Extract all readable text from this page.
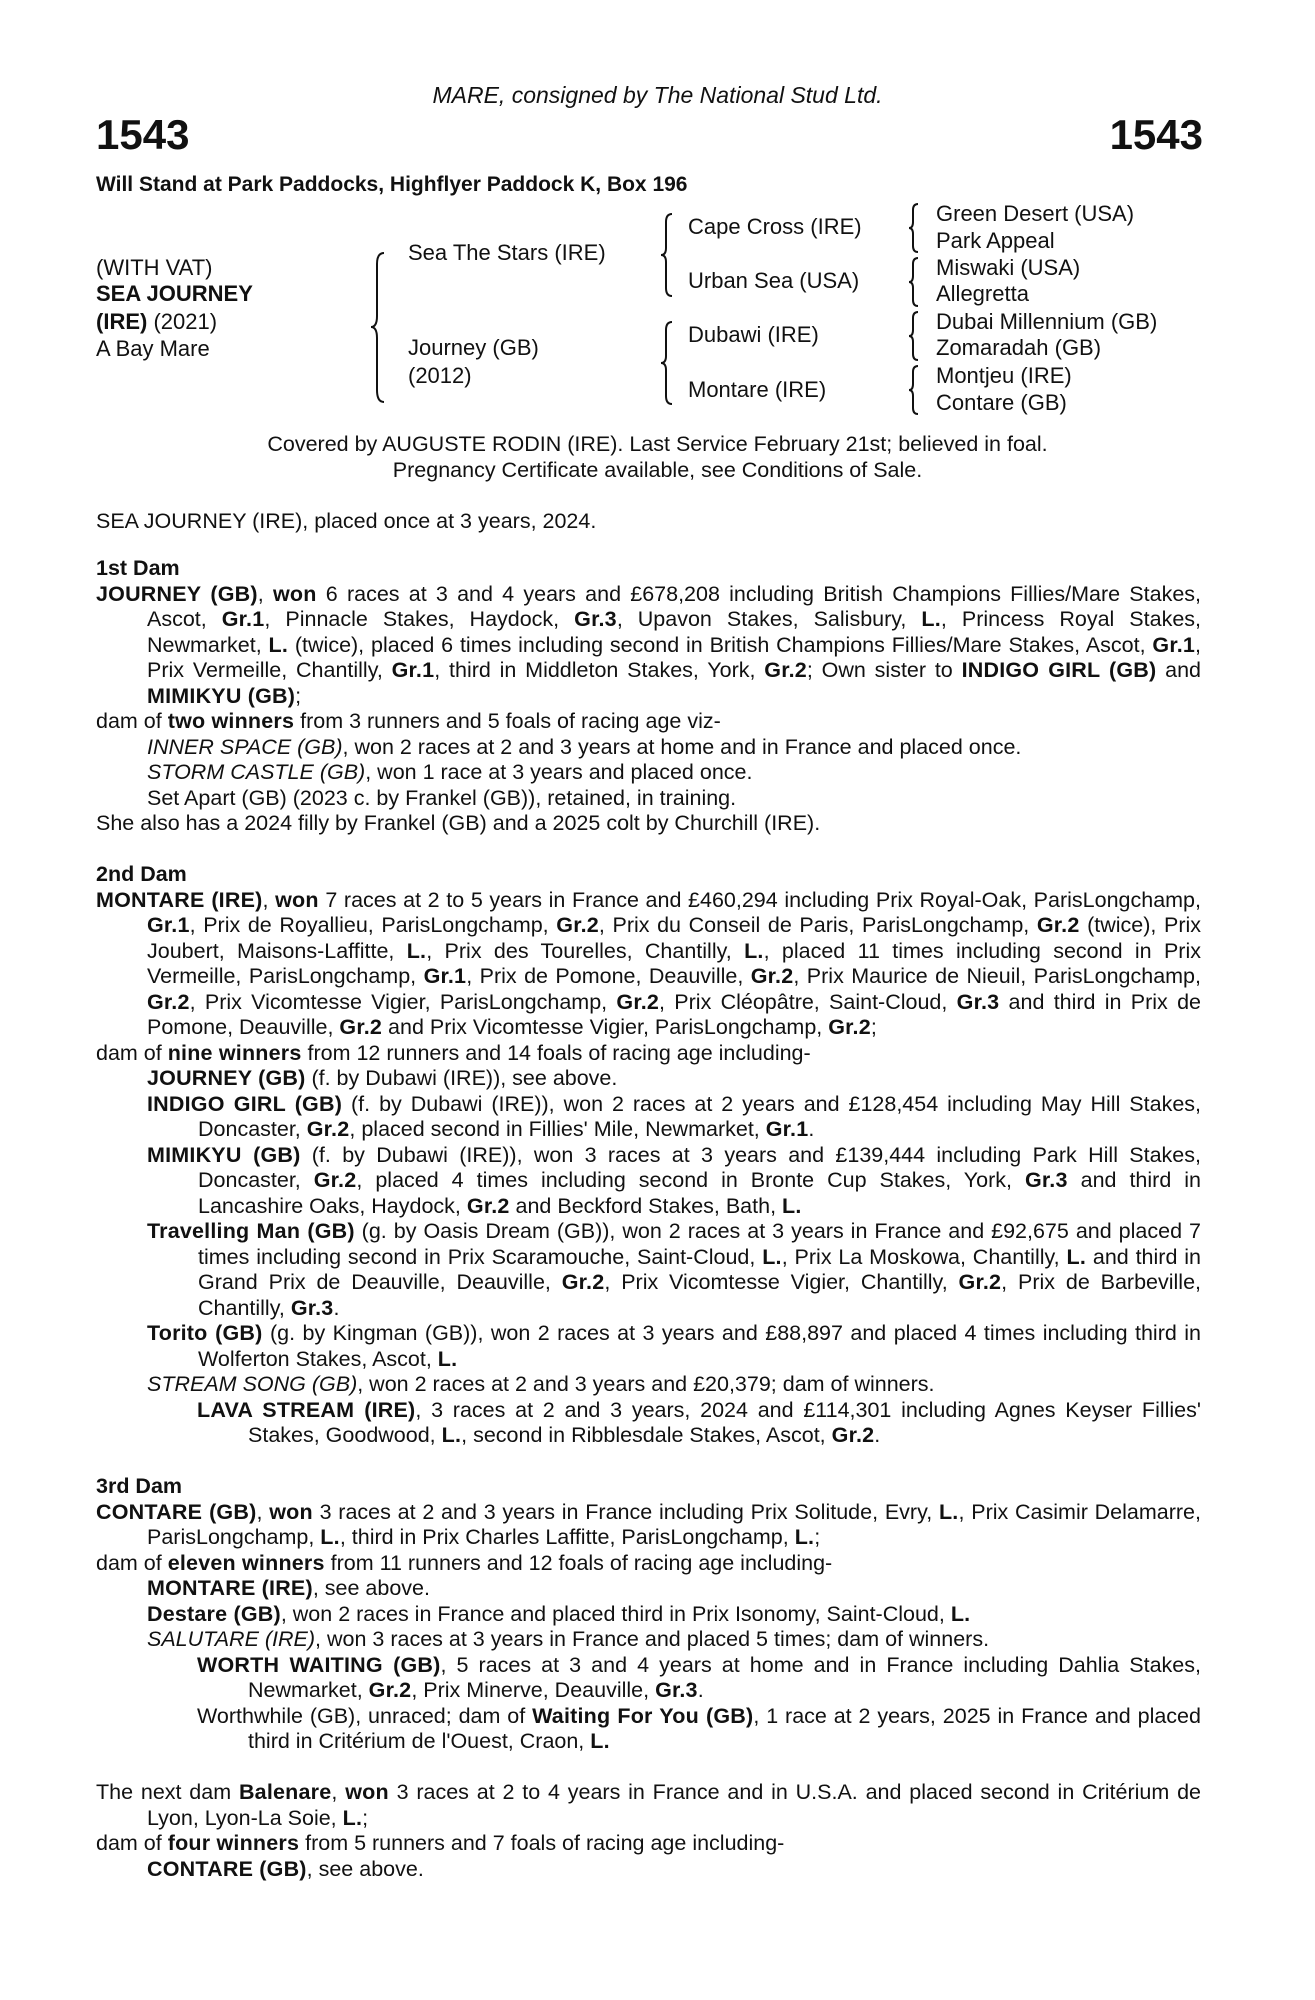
MARE, consigned by The National Stud Ltd.
1543	1543
Will Stand at Park Paddocks, Highflyer Paddock K, Box 196
(WITH VAT)
SEA JOURNEY
(IRE) (2021)
A Bay Mare
Sea The Stars (IRE)
Journey (GB)
(2012)
Cape Cross (IRE)
Urban Sea (USA)
Dubawi (IRE)
Montare (IRE)
Green Desert (USA)
Park Appeal
Miswaki (USA)
Allegretta
Dubai Millennium (GB)
Zomaradah (GB)
Montjeu (IRE)
Contare (GB)
Covered by AUGUSTE RODIN (IRE). Last Service February 21st; believed in foal.
Pregnancy Certificate available, see Conditions of Sale.
SEA JOURNEY (IRE), placed once at 3 years, 2024.
1st Dam
JOURNEY (GB), won 6 races at 3 and 4 years and £678,208 including British Champions Fillies/Mare Stakes, Ascot, Gr.1, Pinnacle Stakes, Haydock, Gr.3, Upavon Stakes, Salisbury, L., Princess Royal Stakes, Newmarket, L. (twice), placed 6 times including second in British Champions Fillies/Mare Stakes, Ascot, Gr.1, Prix Vermeille, Chantilly, Gr.1, third in Middleton Stakes, York, Gr.2; Own sister to INDIGO GIRL (GB) and MIMIKYU (GB);
dam of two winners from 3 runners and 5 foals of racing age viz-
INNER SPACE (GB), won 2 races at 2 and 3 years at home and in France and placed once.
STORM CASTLE (GB), won 1 race at 3 years and placed once.
Set Apart (GB) (2023 c. by Frankel (GB)), retained, in training.
She also has a 2024 filly by Frankel (GB) and a 2025 colt by Churchill (IRE).
2nd Dam
MONTARE (IRE), won 7 races at 2 to 5 years in France and £460,294 including Prix Royal-Oak, ParisLongchamp, Gr.1, Prix de Royallieu, ParisLongchamp, Gr.2, Prix du Conseil de Paris, ParisLongchamp, Gr.2 (twice), Prix Joubert, Maisons-Laffitte, L., Prix des Tourelles, Chantilly, L., placed 11 times including second in Prix Vermeille, ParisLongchamp, Gr.1, Prix de Pomone, Deauville, Gr.2, Prix Maurice de Nieuil, ParisLongchamp, Gr.2, Prix Vicomtesse Vigier, ParisLongchamp, Gr.2, Prix Cléopâtre, Saint-Cloud, Gr.3 and third in Prix de Pomone, Deauville, Gr.2 and Prix Vicomtesse Vigier, ParisLongchamp, Gr.2;
dam of nine winners from 12 runners and 14 foals of racing age including-
JOURNEY (GB) (f. by Dubawi (IRE)), see above.
INDIGO GIRL (GB) (f. by Dubawi (IRE)), won 2 races at 2 years and £128,454 including May Hill Stakes, Doncaster, Gr.2, placed second in Fillies' Mile, Newmarket, Gr.1.
MIMIKYU (GB) (f. by Dubawi (IRE)), won 3 races at 3 years and £139,444 including Park Hill Stakes, Doncaster, Gr.2, placed 4 times including second in Bronte Cup Stakes, York, Gr.3 and third in Lancashire Oaks, Haydock, Gr.2 and Beckford Stakes, Bath, L.
Travelling Man (GB) (g. by Oasis Dream (GB)), won 2 races at 3 years in France and £92,675 and placed 7 times including second in Prix Scaramouche, Saint-Cloud, L., Prix La Moskowa, Chantilly, L. and third in Grand Prix de Deauville, Deauville, Gr.2, Prix Vicomtesse Vigier, Chantilly, Gr.2, Prix de Barbeville, Chantilly, Gr.3.
Torito (GB) (g. by Kingman (GB)), won 2 races at 3 years and £88,897 and placed 4 times including third in Wolferton Stakes, Ascot, L.
STREAM SONG (GB), won 2 races at 2 and 3 years and £20,379; dam of winners.
LAVA STREAM (IRE), 3 races at 2 and 3 years, 2024 and £114,301 including Agnes Keyser Fillies' Stakes, Goodwood, L., second in Ribblesdale Stakes, Ascot, Gr.2.
3rd Dam
CONTARE (GB), won 3 races at 2 and 3 years in France including Prix Solitude, Evry, L., Prix Casimir Delamarre, ParisLongchamp, L., third in Prix Charles Laffitte, ParisLongchamp, L.;
dam of eleven winners from 11 runners and 12 foals of racing age including-
MONTARE (IRE), see above.
Destare (GB), won 2 races in France and placed third in Prix Isonomy, Saint-Cloud, L.
SALUTARE (IRE), won 3 races at 3 years in France and placed 5 times; dam of winners.
WORTH WAITING (GB), 5 races at 3 and 4 years at home and in France including Dahlia Stakes, Newmarket, Gr.2, Prix Minerve, Deauville, Gr.3.
Worthwhile (GB), unraced; dam of Waiting For You (GB), 1 race at 2 years, 2025 in France and placed third in Critérium de l'Ouest, Craon, L.
The next dam Balenare, won 3 races at 2 to 4 years in France and in U.S.A. and placed second in Critérium de Lyon, Lyon-La Soie, L.;
dam of four winners from 5 runners and 7 foals of racing age including-
CONTARE (GB), see above.
